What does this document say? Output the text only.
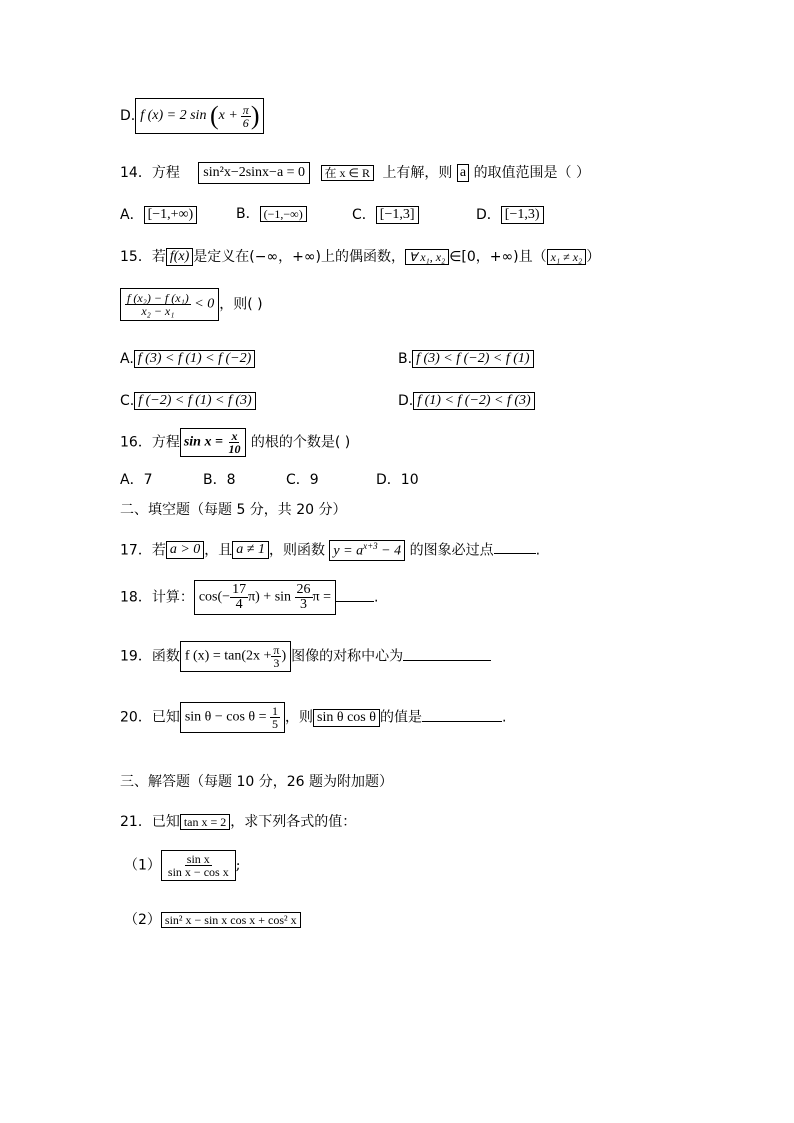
D. f (x) = 2 $\sin (x + \frac{\pi}{6}$ )
14．方程 sin²x−2sinx−a = 0 在 x ∈ R 上有解，则 a 的取值范围是（ ）
A． [−1,+∞)	B． (−1,−∞)	C． [−1,3]	D． [−1,3)
15．若 f(x) 是定义在(−∞，+∞)上的偶函数， ∀ x₁, x₂ ∈[0，+∞)且（ x₁ ≠ x₂ ）
$\frac{\text{f (x₂) − f (x₁)}}{\text{x₂ − x₁}} < 0$ ，则( )
A. f (3) < f (1) < f (−2)	B. f (3) < f (−2) < f (1)
C. f (−2) < f (1) < f (3)	D. f (1) < f (−2) < f (3)
16．方程 $\sin x = \frac{x}{10}$ 的根的个数是( )
A．7	B．8	C．9	D．10
二、填空题（每题 5 分，共 20 分）
17．若 a > 0 ，且 a ≠ 1 ，则函数 $y = a^{x+3} - 4$ 的图象必过点	.
18．计算： $\cos(- \frac{17}{4} \pi) + \sin \frac{26}{3}$ π =	.
19．函数 f $(x) = \tan(2x + \frac{\pi}{3}$ ) 图像的对称中心为
20．已知 $\sin \theta - \cos \theta = \frac{1}{5}$ ，则 sin θ cos θ 的值是	.
三、解答题（每题 10 分，26 题为附加题）
21．已知 tan x = 2 ，求下列各式的值：
$(1) \frac{\text{sin x}}{\text{sin x − cos x}}$ ;
（2） sin² x − sin x cos x + cos² x
